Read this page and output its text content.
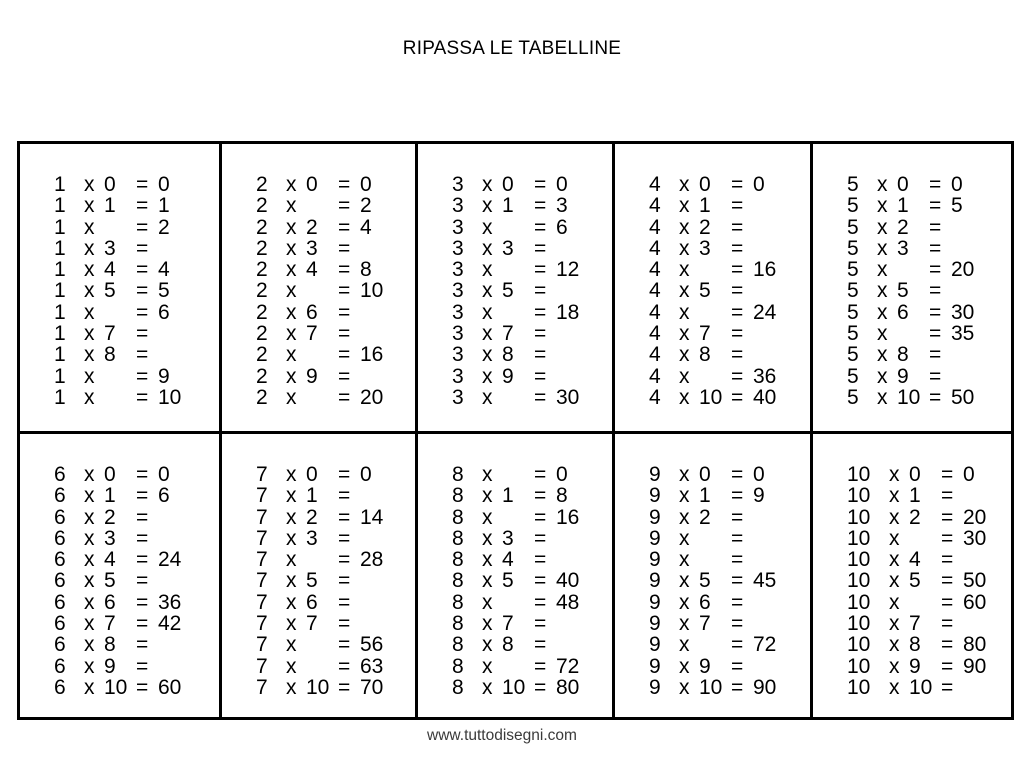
RIPASSA LE TABELLINE
1 x 0 = 0
1 x 1 = 1
1 x	= 2
1 x 3 =
1 x 4 = 4
1 x 5 = 5
1 x	= 6
1 x 7 =
1 x 8 =
1 x	= 9
1 x	= 10
2 x 0 = 0
2 x	= 2
2 x 2 = 4
2 x 3 =
2 x 4 = 8
2 x	= 10
2 x 6 =
2 x 7 =
2 x	= 16
2 x 9 =
2 x	= 20
3 x 0 = 0
3 x 1 = 3
3 x	= 6
3 x 3 =
3 x	= 12
3 x 5 =
3 x	= 18
3 x 7 =
3 x 8 =
3 x 9 =
3 x	= 30
4 x 0 = 0
4 x 1 =
4 x 2 =
4 x 3 =
4 x	= 16
4 x 5 =
4 x	= 24
4 x 7 =
4 x 8 =
4 x	= 36
4 x 10 = 40
5 x 0 = 0
5 x 1 = 5
5 x 2 =
5 x 3 =
5 x	= 20
5 x 5 =
5 x 6 = 30
5 x	= 35
5 x 8 =
5 x 9 =
5 x 10 = 50
6 x 0 = 0
6 x 1 = 6
6 x 2 =
6 x 3 =
6 x 4 = 24
6 x 5 =
6 x 6 = 36
6 x 7 = 42
6 x 8 =
6 x 9 =
6 x 10 = 60
7 x 0 = 0
7 x 1 =
7 x 2 = 14
7 x 3 =
7 x	= 28
7 x 5 =
7 x 6 =
7 x 7 =
7 x	= 56
7 x	= 63
7 x 10 = 70
8 x	= 0
8 x 1 = 8
8 x	= 16
8 x 3 =
8 x 4 =
8 x 5 = 40
8 x	= 48
8 x 7 =
8 x 8 =
8 x	= 72
8 x 10 = 80
9 x 0 = 0
9 x 1 = 9
9 x 2 =
9 x	=
9 x	=
9 x 5 = 45
9 x 6 =
9 x 7 =
9 x	= 72
9 x 9 =
9 x 10 = 90
10 x 0 = 0
10 x 1 =
10 x 2 = 20
10 x	= 30
10 x 4 =
10 x 5 = 50
10 x	= 60
10 x 7 =
10 x 8 = 80
10 x 9 = 90
10 x 10 =
www.tuttodisegni.com
